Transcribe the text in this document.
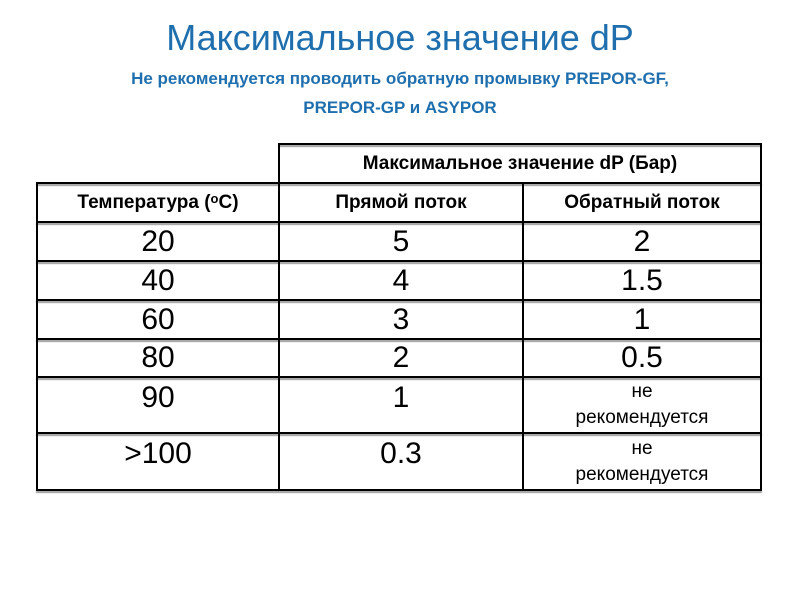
Максимальное значение dP
Не рекомендуется проводить обратную промывку PREPOR-GF,
PREPOR-GP и ASYPOR
Максимальное значение dP (Бар)
Температура ($^o$ C)	Прямой поток	Обратный поток
20	5	2
40	4	1.5
60	3	1
80	2	0.5
90	1	не
рекомендуется
>100	0.3	не
рекомендуется
